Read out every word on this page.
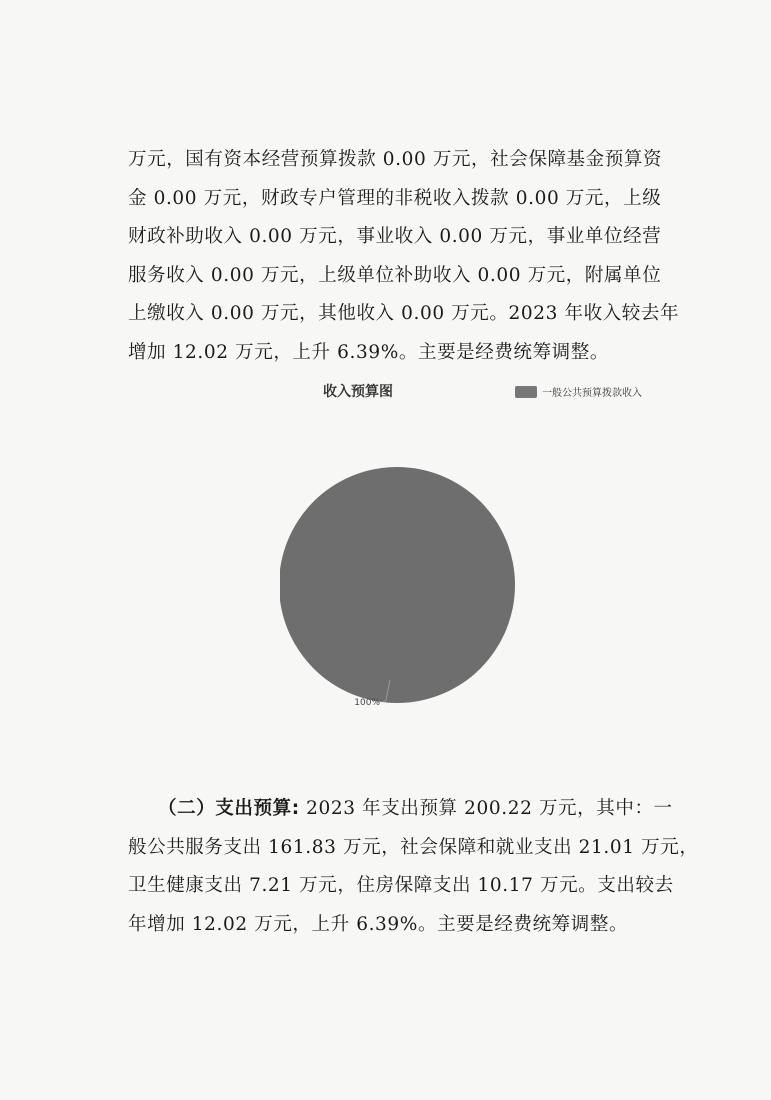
万元，国有资本经营预算拨款 0.00 万元，社会保障基金预算资
金 0.00 万元，财政专户管理的非税收入拨款 0.00 万元，上级
财政补助收入 0.00 万元，事业收入 0.00 万元，事业单位经营
服务收入 0.00 万元，上级单位补助收入 0.00 万元，附属单位
上缴收入 0.00 万元，其他收入 0.00 万元。2023 年收入较去年
增加 12.02 万元，上升 6.39%。主要是经费统筹调整。

收入预算图	一般公共预算拨款收入
100%

（二）支出预算: 2023 年支出预算 200.22 万元，其中：一
般公共服务支出 161.83 万元，社会保障和就业支出 21.01 万元，
卫生健康支出 7.21 万元，住房保障支出 10.17 万元。支出较去
年增加 12.02 万元，上升 6.39%。主要是经费统筹调整。
